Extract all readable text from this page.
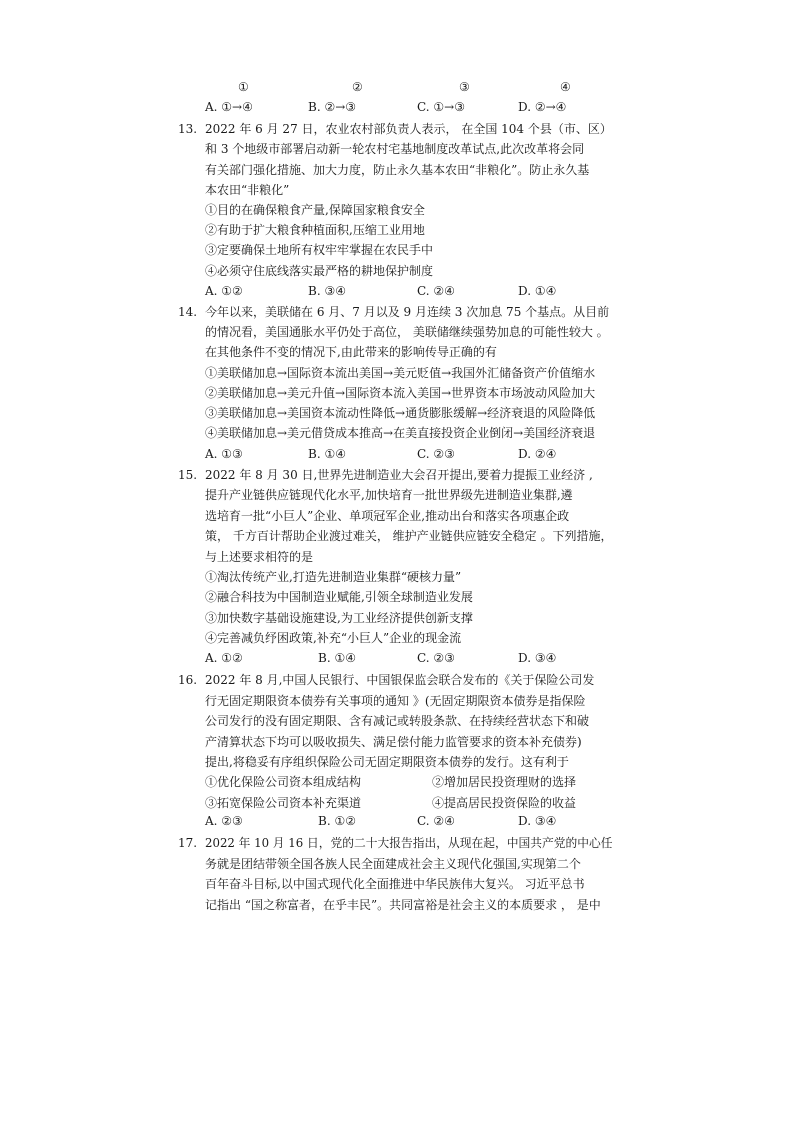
①	②	③	④
A. ①→④	B. ②→③	C. ①→③	D. ②→④
13. 2022 年 6 月 27 日，农业农村部负责人表示， 在全国 104 个县（市、区）
和 3 个地级市部署启动新一轮农村宅基地制度改革试点,此次改革将会同
有关部门强化措施、加大力度，防止永久基本农田“非粮化”。防止永久基
本农田“非粮化”
①目的在确保粮食产量,保障国家粮食安全
②有助于扩大粮食种植面积,压缩工业用地
③定要确保土地所有权牢牢掌握在农民手中
④必须守住底线落实最严格的耕地保护制度
A. ①②	B. ③④	C. ②④	D. ①④
14. 今年以来，美联储在 6 月、7 月以及 9 月连续 3 次加息 75 个基点。从目前
的情况看，美国通胀水平仍处于高位， 美联储继续强势加息的可能性较大 。
在其他条件不变的情况下,由此带来的影响传导正确的有
①美联储加息→国际资本流出美国→美元贬值→我国外汇储备资产价值缩水
②美联储加息→美元升值→国际资本流入美国→世界资本市场波动风险加大
③美联储加息→美国资本流动性降低→通货膨胀缓解→经济衰退的风险降低
④美联储加息→美元借贷成本推高→在美直接投资企业倒闭→美国经济衰退
A. ①③	B. ①④	C. ②③	D. ②④
15. 2022 年 8 月 30 日,世界先进制造业大会召开提出,要着力提振工业经济 ,
提升产业链供应链现代化水平,加快培育一批世界级先进制造业集群,遴
选培育一批“小巨人”企业、单项冠军企业,推动出台和落实各项惠企政
策， 千方百计帮助企业渡过难关， 维护产业链供应链安全稳定 。下列措施，
与上述要求相符的是
①淘汰传统产业,打造先进制造业集群“硬核力量”
②融合科技为中国制造业赋能,引领全球制造业发展
③加快数字基础设施建设,为工业经济提供创新支撑
④完善减负纾困政策,补充“小巨人”企业的现金流
A. ①②	B. ①④	C. ②③	D. ③④
16. 2022 年 8 月,中国人民银行、中国银保监会联合发布的《关于保险公司发
行无固定期限资本债券有关事项的通知 》(无固定期限资本债券是指保险
公司发行的没有固定期限、含有减记或转股条款、在持续经营状态下和破
产清算状态下均可以吸收损失、满足偿付能力监管要求的资本补充债券)
提出,将稳妥有序组织保险公司无固定期限资本债券的发行。这有利于
①优化保险公司资本组成结构	②增加居民投资理财的选择
③拓宽保险公司资本补充渠道	④提高居民投资保险的收益
A. ②③	B. ①②	C. ②④	D. ③④
17. 2022 年 10 月 16 日，党的二十大报告指出，从现在起，中国共产党的中心任
务就是团结带领全国各族人民全面建成社会主义现代化强国,实现第二个
百年奋斗目标,以中国式现代化全面推进中华民族伟大复兴。 习近平总书
记指出 “国之称富者，在乎丰民”。共同富裕是社会主义的本质要求 ， 是中
